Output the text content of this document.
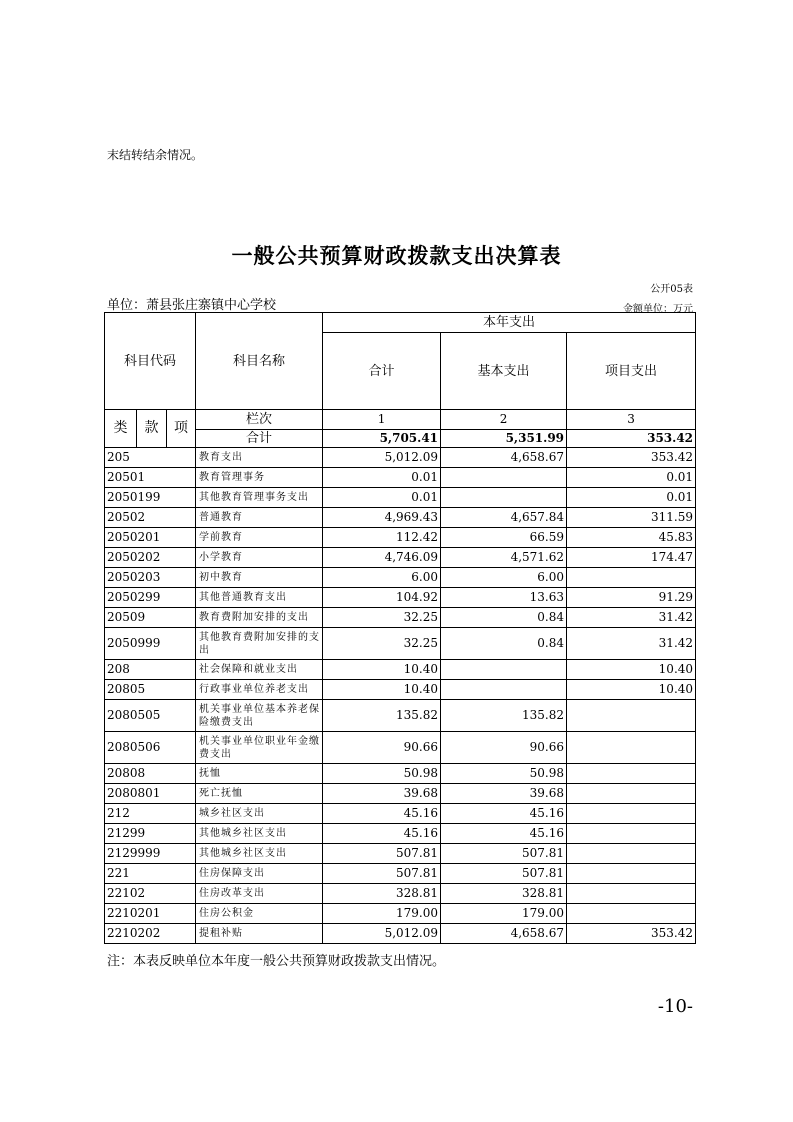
末结转结余情况。
一般公共预算财政拨款支出决算表
公开05表
单位：萧县张庄寨镇中心学校	金额单位：万元
科目代码			科目名称	本年支出		
				合计	基本支出	项目支出

类	款	项	栏次	1	2	3
			合计	5,705.41	5,351.99	353.42
205			教育支出	5,012.09	4,658.67	353.42
20501			教育管理事务	0.01		0.01
2050199			其他教育管理事务支出	0.01		0.01
20502			普通教育	4,969.43	4,657.84	311.59
2050201			学前教育	112.42	66.59	45.83
2050202			小学教育	4,746.09	4,571.62	174.47
2050203			初中教育	6.00	6.00	
2050299			其他普通教育支出	104.92	13.63	91.29
20509			教育费附加安排的支出	32.25	0.84	31.42
2050999			其他教育费附加安排的支出	32.25	0.84	31.42
208			社会保障和就业支出	10.40		10.40
20805			行政事业单位养老支出	10.40		10.40
2080505			机关事业单位基本养老保险缴费支出	135.82	135.82	
2080506			机关事业单位职业年金缴费支出	90.66	90.66	
20808			抚恤	50.98	50.98	
2080801			死亡抚恤	39.68	39.68	
212			城乡社区支出	45.16	45.16	
21299			其他城乡社区支出	45.16	45.16	
2129999			其他城乡社区支出	507.81	507.81	
221			住房保障支出	507.81	507.81	
22102			住房改革支出	328.81	328.81	
2210201			住房公积金	179.00	179.00	
2210202			提租补贴	5,012.09	4,658.67	353.42
注：本表反映单位本年度一般公共预算财政拨款支出情况。
-10-
